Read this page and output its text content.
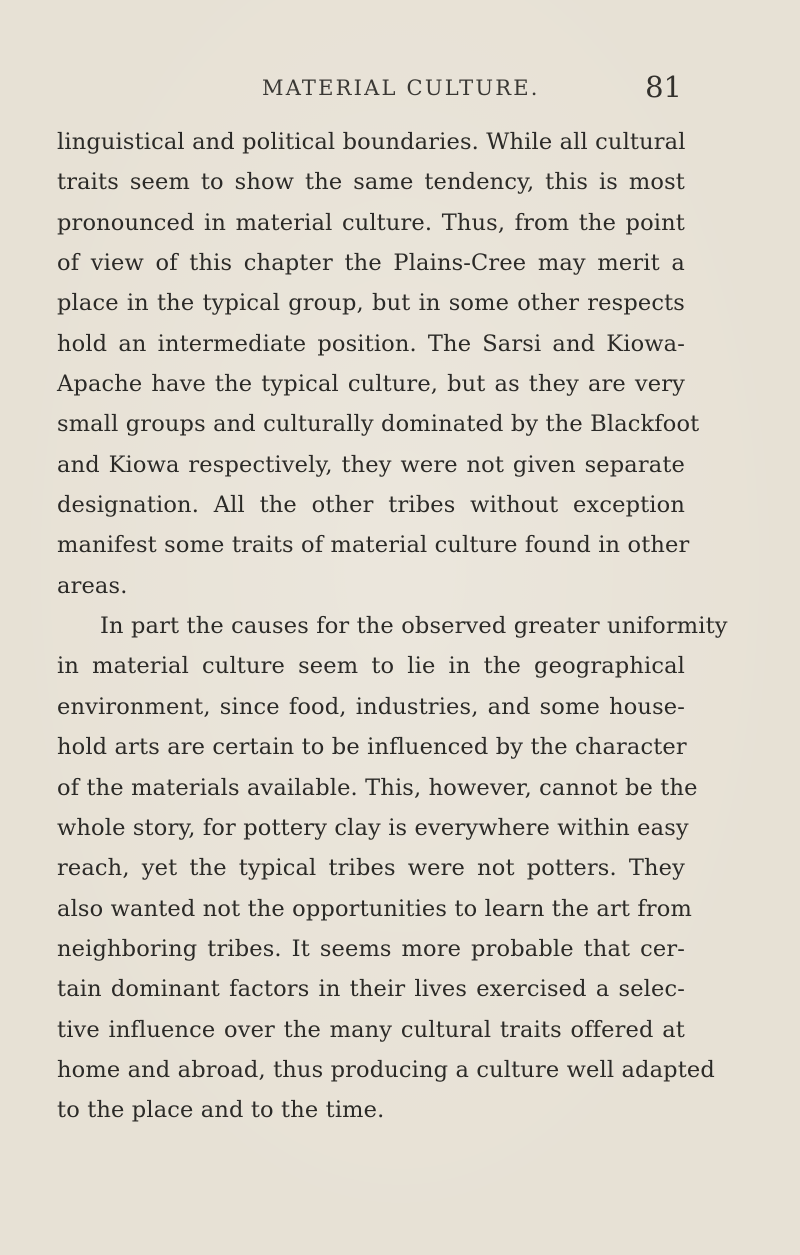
MATERIAL CULTURE.	81
linguistical and political boundaries. While all cultural
traits seem to show the same tendency, this is most
pronounced in material culture. Thus, from the point
of view of this chapter the Plains-Cree may merit a
place in the typical group, but in some other respects
hold an intermediate position. The Sarsi and Kiowa-
Apache have the typical culture, but as they are very
small groups and culturally dominated by the Blackfoot
and Kiowa respectively, they were not given separate
designation. All the other tribes without exception
manifest some traits of material culture found in other
areas.
In part the causes for the observed greater uniformity
in material culture seem to lie in the geographical
environment, since food, industries, and some house-
hold arts are certain to be influenced by the character
of the materials available. This, however, cannot be the
whole story, for pottery clay is everywhere within easy
reach, yet the typical tribes were not potters. They
also wanted not the opportunities to learn the art from
neighboring tribes. It seems more probable that cer-
tain dominant factors in their lives exercised a selec-
tive influence over the many cultural traits offered at
home and abroad, thus producing a culture well adapted
to the place and to the time.
